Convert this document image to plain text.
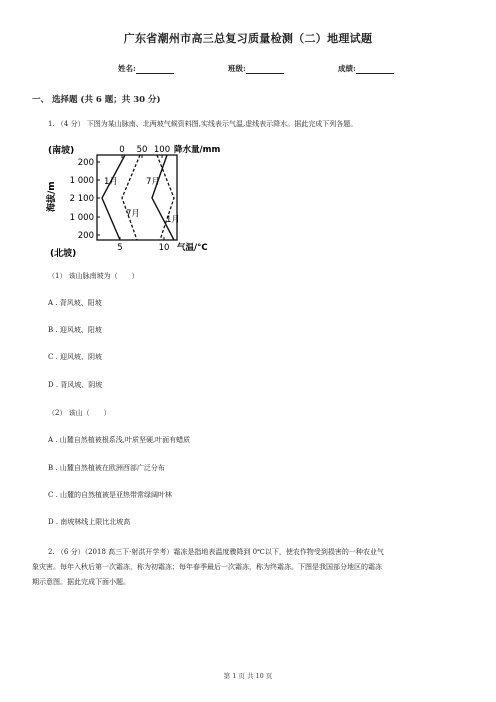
广东省潮州市高三总复习质量检测（二）地理试题
姓名:	班级:	成绩:
一、 选择题 (共 6 题；共 30 分)
1. （4 分） 下图为某山脉南、北两坡气候资料图,实线表示气温,虚线表示降水。据此完成下列各题。
(南坡)
(北坡)
海拔/m
200
1 000
2 100
1 000
200
0 50 100 降水量/mm
5	10 气温/°C
1月	7月
7月
1月
（1） 该山脉南坡为（　　）
A . 背风坡、阳坡
B . 迎风坡、阳坡
C . 迎风坡、阴坡
D . 背风坡、阴坡
（2） 该山（　　）
A . 山麓自然植被根系浅,叶质坚硬,叶面有蜡质
B . 山麓自然植被在欧洲西部广泛分布
C . 山麓的自然植被是亚热带常绿阔叶林
D . 南坡林线上限比北坡高
2. （6 分）（2018 高三下·射洪开学考）霜冻是指地表温度骤降到 0℃以下，使农作物受到损害的一种农业气
象灾害。每年入秋后第一次霜冻，称为初霜冻；每年春季最后一次霜冻，称为终霜冻。下图是我国部分地区的霜冻
期示意图。据此完成下面小题。
第 1 页 共 10 页
